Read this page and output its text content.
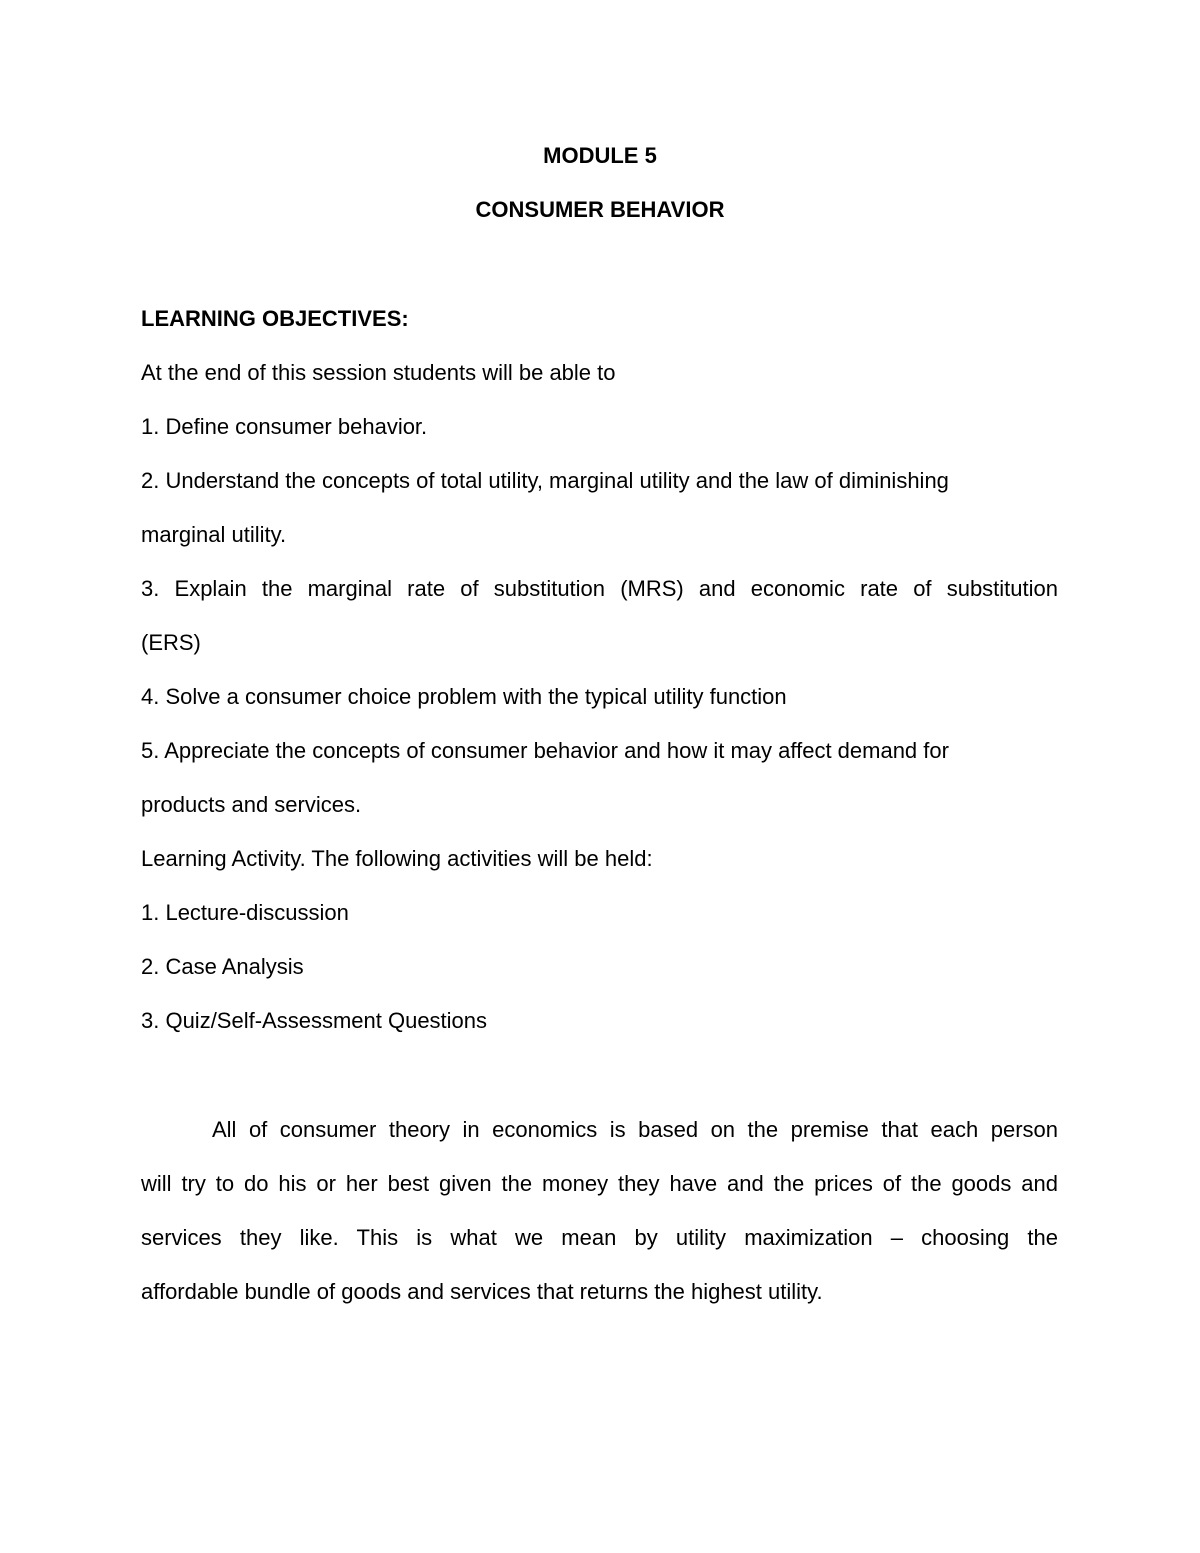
MODULE 5
CONSUMER BEHAVIOR
LEARNING OBJECTIVES:
At the end of this session students will be able to
1. Define consumer behavior.
2. Understand the concepts of total utility, marginal utility and the law of diminishing
marginal utility.
3. Explain the marginal rate of substitution (MRS) and economic rate of substitution
(ERS)
4. Solve a consumer choice problem with the typical utility function
5. Appreciate the concepts of consumer behavior and how it may affect demand for
products and services.
Learning Activity. The following activities will be held:
1. Lecture-discussion
2. Case Analysis
3. Quiz/Self-Assessment Questions
All of consumer theory in economics is based on the premise that each person
will try to do his or her best given the money they have and the prices of the goods and
services they like. This is what we mean by utility maximization – choosing the
affordable bundle of goods and services that returns the highest utility.
